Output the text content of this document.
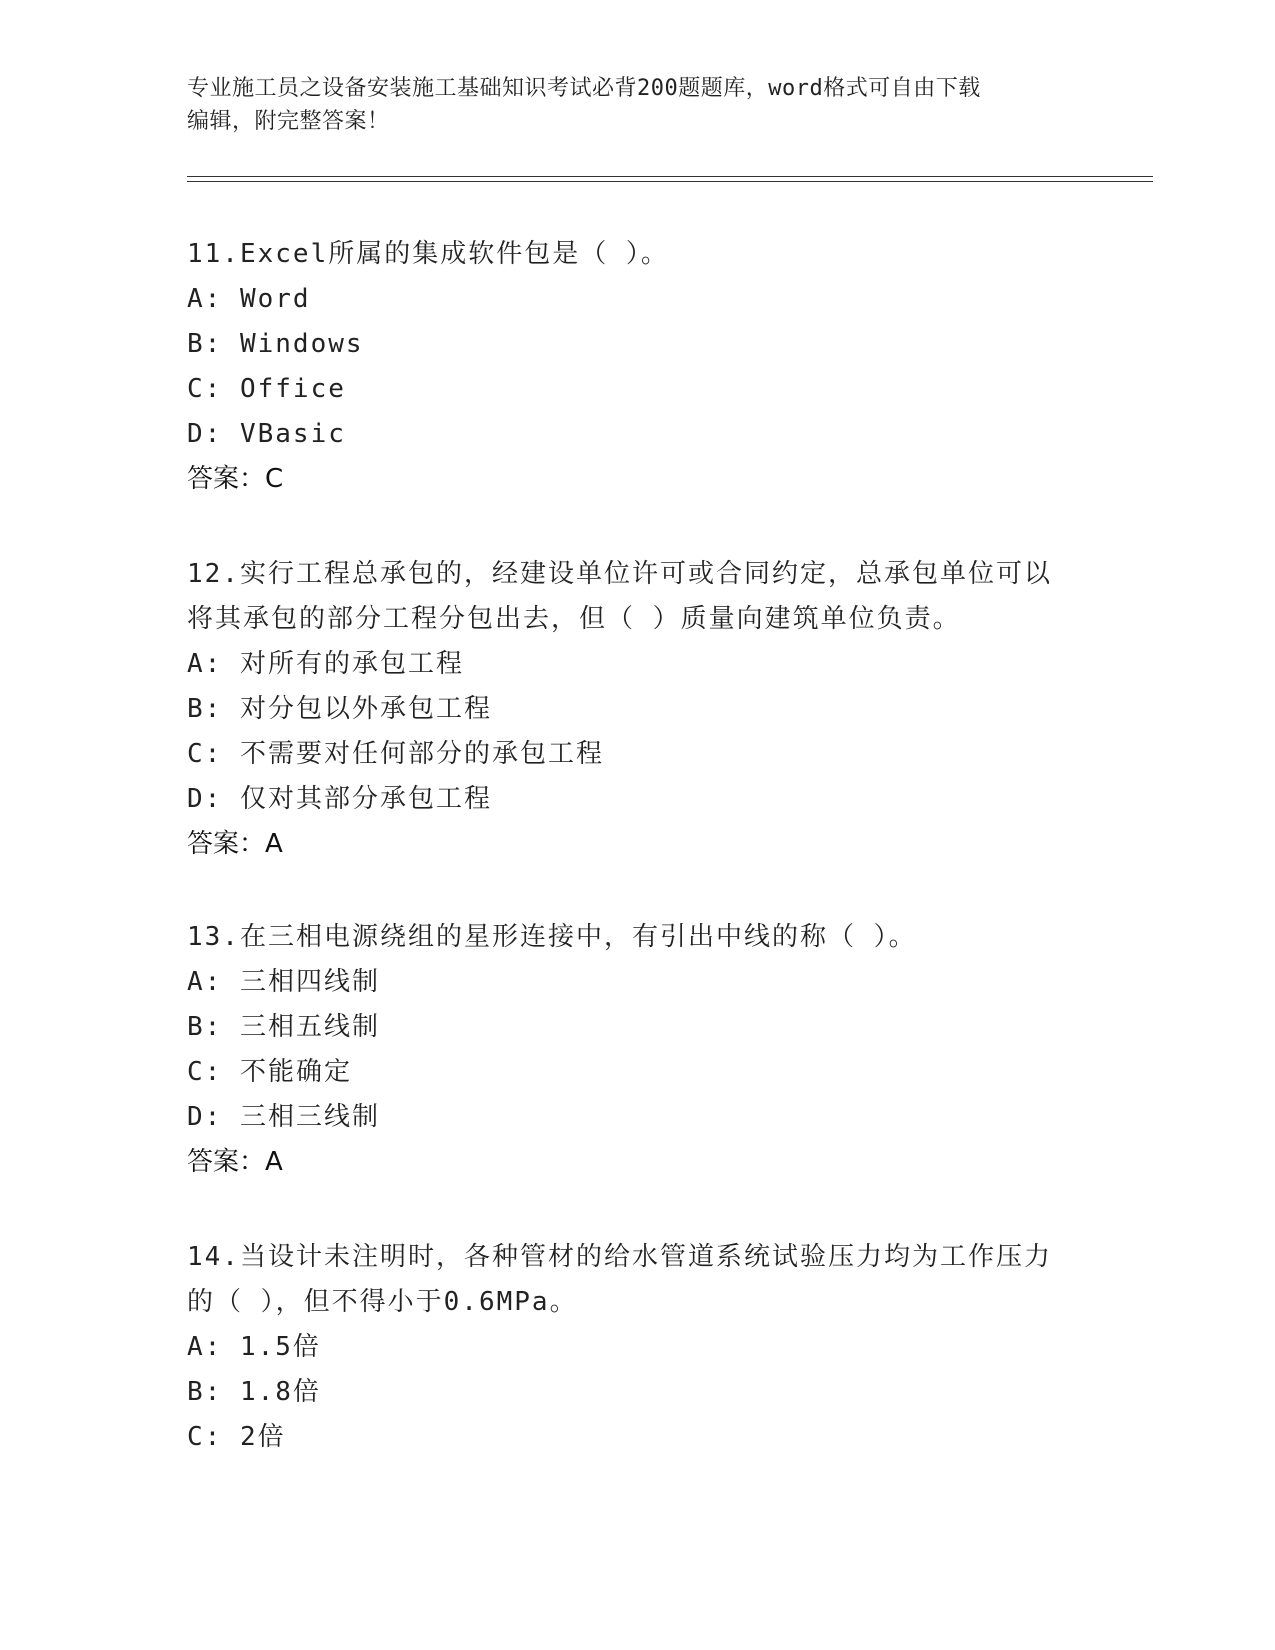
专业施工员之设备安装施工基础知识考试必背200题题库，word格式可自由下载
编辑，附完整答案！

11.Excel所属的集成软件包是（ ）。

A: Word

B: Windows

C: Office

D: VBasic

答案：C

12.实行工程总承包的，经建设单位许可或合同约定，总承包单位可以

将其承包的部分工程分包出去，但（ ）质量向建筑单位负责。

A: 对所有的承包工程

B: 对分包以外承包工程

C: 不需要对任何部分的承包工程

D: 仅对其部分承包工程

答案：A

13.在三相电源绕组的星形连接中，有引出中线的称（ ）。

A: 三相四线制

B: 三相五线制

C: 不能确定

D: 三相三线制

答案：A

14.当设计未注明时，各种管材的给水管道系统试验压力均为工作压力

的（ ），但不得小于0.6MPa。

A: 1.5倍

B: 1.8倍

C: 2倍
